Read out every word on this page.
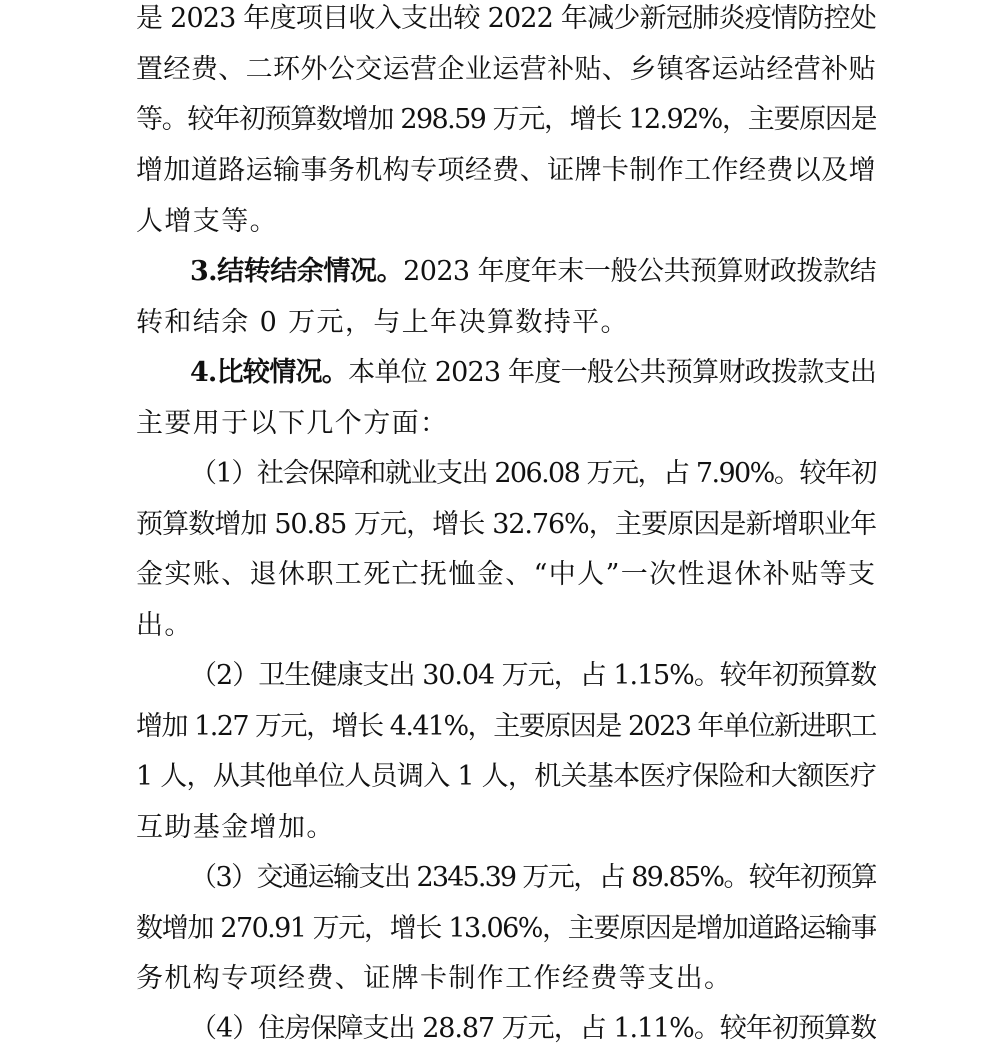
是 2023 年度项目收入支出较 2022 年减少新冠肺炎疫情防控处
置经费、二环外公交运营企业运营补贴、乡镇客运站经营补贴
等。较年初预算数增加 298.59 万元，增长 12.92%，主要原因是
增加道路运输事务机构专项经费、证牌卡制作工作经费以及增
人增支等。
3.结转结余情况。2023 年度年末一般公共预算财政拨款结
转和结余 0 万元，与上年决算数持平。
4.比较情况。本单位 2023 年度一般公共预算财政拨款支出
主要用于以下几个方面：
（1）社会保障和就业支出 206.08 万元，占 7.90%。较年初
预算数增加 50.85 万元，增长 32.76%，主要原因是新增职业年
金实账、退休职工死亡抚恤金、“中人”一次性退休补贴等支
出。
（2）卫生健康支出 30.04 万元，占 1.15%。较年初预算数
增加 1.27 万元，增长 4.41%，主要原因是 2023 年单位新进职工
1 人，从其他单位人员调入 1 人，机关基本医疗保险和大额医疗
互助基金增加。
（3）交通运输支出 2345.39 万元，占 89.85%。较年初预算
数增加 270.91 万元，增长 13.06%，主要原因是增加道路运输事
务机构专项经费、证牌卡制作工作经费等支出。
（4）住房保障支出 28.87 万元，占 1.11%。较年初预算数
